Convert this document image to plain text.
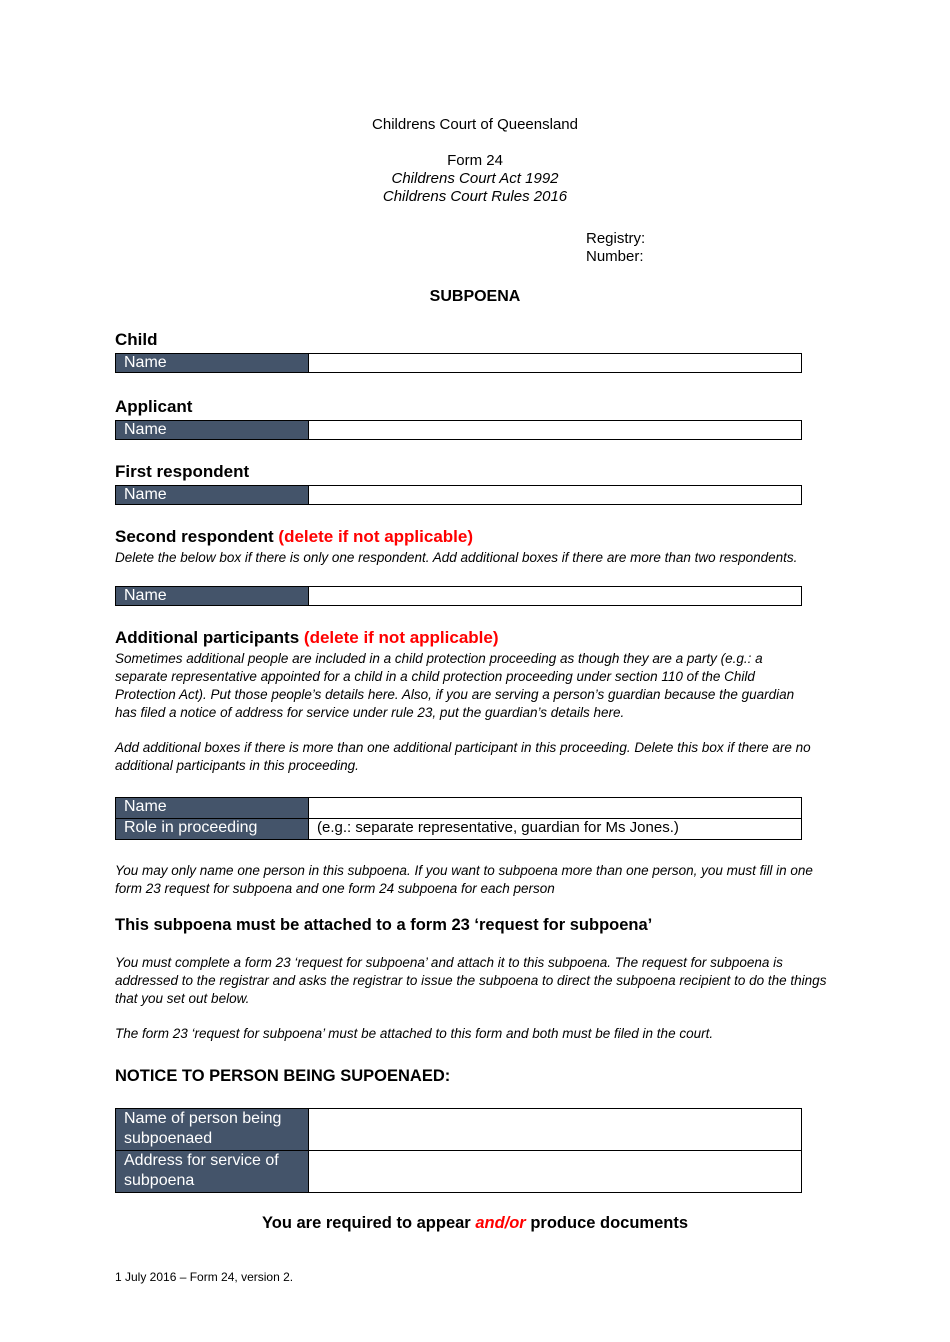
Childrens Court of Queensland
Form 24
Childrens Court Act 1992
Childrens Court Rules 2016
Registry:
Number:
SUBPOENA
Child
Name
Applicant
Name
First respondent
Name
Second respondent (delete if not applicable)
Delete the below box if there is only one respondent. Add additional boxes if there are more than two respondents.
Name
Additional participants (delete if not applicable)
Sometimes additional people are included in a child protection proceeding as though they are a party (e.g.: a separate representative appointed for a child in a child protection proceeding under section 110 of the Child Protection Act). Put those people’s details here. Also, if you are serving a person’s guardian because the guardian has filed a notice of address for service under rule 23, put the guardian’s details here.
Add additional boxes if there is more than one additional participant in this proceeding. Delete this box if there are no additional participants in this proceeding.
Name
Role in proceeding	(e.g.: separate representative, guardian for Ms Jones.)
You may only name one person in this subpoena. If you want to subpoena more than one person, you must fill in one form 23 request for subpoena and one form 24 subpoena for each person
This subpoena must be attached to a form 23 ‘request for subpoena’
You must complete a form 23 ‘request for subpoena’ and attach it to this subpoena. The request for subpoena is addressed to the registrar and asks the registrar to issue the subpoena to direct the subpoena recipient to do the things that you set out below.
The form 23 ‘request for subpoena’ must be attached to this form and both must be filed in the court.
NOTICE TO PERSON BEING SUPOENAED:
Name of person being subpoenaed
Address for service of subpoena
You are required to appear and/or produce documents
1 July 2016 – Form 24, version 2.
